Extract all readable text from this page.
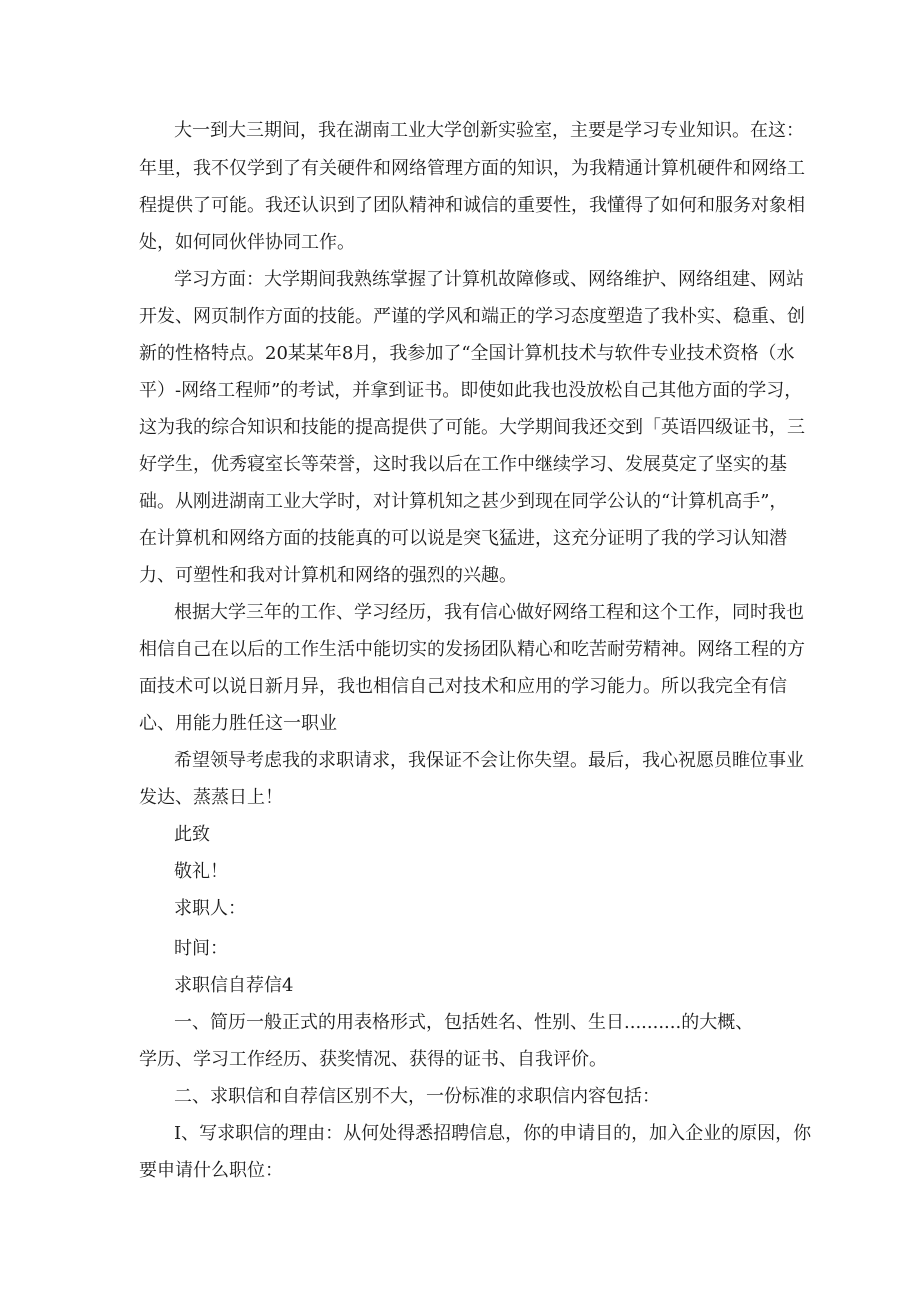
大一到大三期间，我在湖南工业大学创新实验室，主要是学习专业知识。在这：

年里，我不仅学到了有关硬件和网络管理方面的知识，为我精通计算机硬件和网络工

程提供了可能。我还认识到了团队精神和诚信的重要性，我懂得了如何和服务对象相

处，如何同伙伴协同工作。

学习方面：大学期间我熟练掌握了计算机故障修或、网络维护、网络组建、网站

开发、网页制作方面的技能。严谨的学风和端正的学习态度塑造了我朴实、稳重、创

新的性格特点。20某某年8月，我参加了“全国计算机技术与软件专业技术资格（水

平）-网络工程师”的考试，并拿到证书。即使如此我也没放松自己其他方面的学习，

这为我的综合知识和技能的提高提供了可能。大学期间我还交到「英语四级证书，三

好学生，优秀寝室长等荣誉，这时我以后在工作中继续学习、发展莫定了坚实的基

础。从刚进湖南工业大学时，对计算机知之甚少到现在同学公认的“计算机高手”，

在计算机和网络方面的技能真的可以说是突飞猛进，这充分证明了我的学习认知潜

力、可塑性和我对计算机和网络的强烈的兴趣。

根据大学三年的工作、学习经历，我有信心做好网络工程和这个工作，同时我也

相信自己在以后的工作生活中能切实的发扬团队精心和吃苦耐劳精神。网络工程的方

面技术可以说日新月异，我也相信自己对技术和应用的学习能力。所以我完全有信

心、用能力胜任这一职业

希望领导考虑我的求职请求，我保证不会让你失望。最后，我心祝愿员睢位事业

发达、蒸蒸日上！

此致

敬礼！

求职人：

时间：

求职信自荐信4

一、简历一般正式的用表格形式，包括姓名、性别、生日..........的大概、

学历、学习工作经历、获奖情况、获得的证书、自我评价。

二、求职信和自荐信区别不大，一份标准的求职信内容包括：

I、写求职信的理由：从何处得悉招聘信息，你的申请目的，加入企业的原因，你

要申请什么职位：
